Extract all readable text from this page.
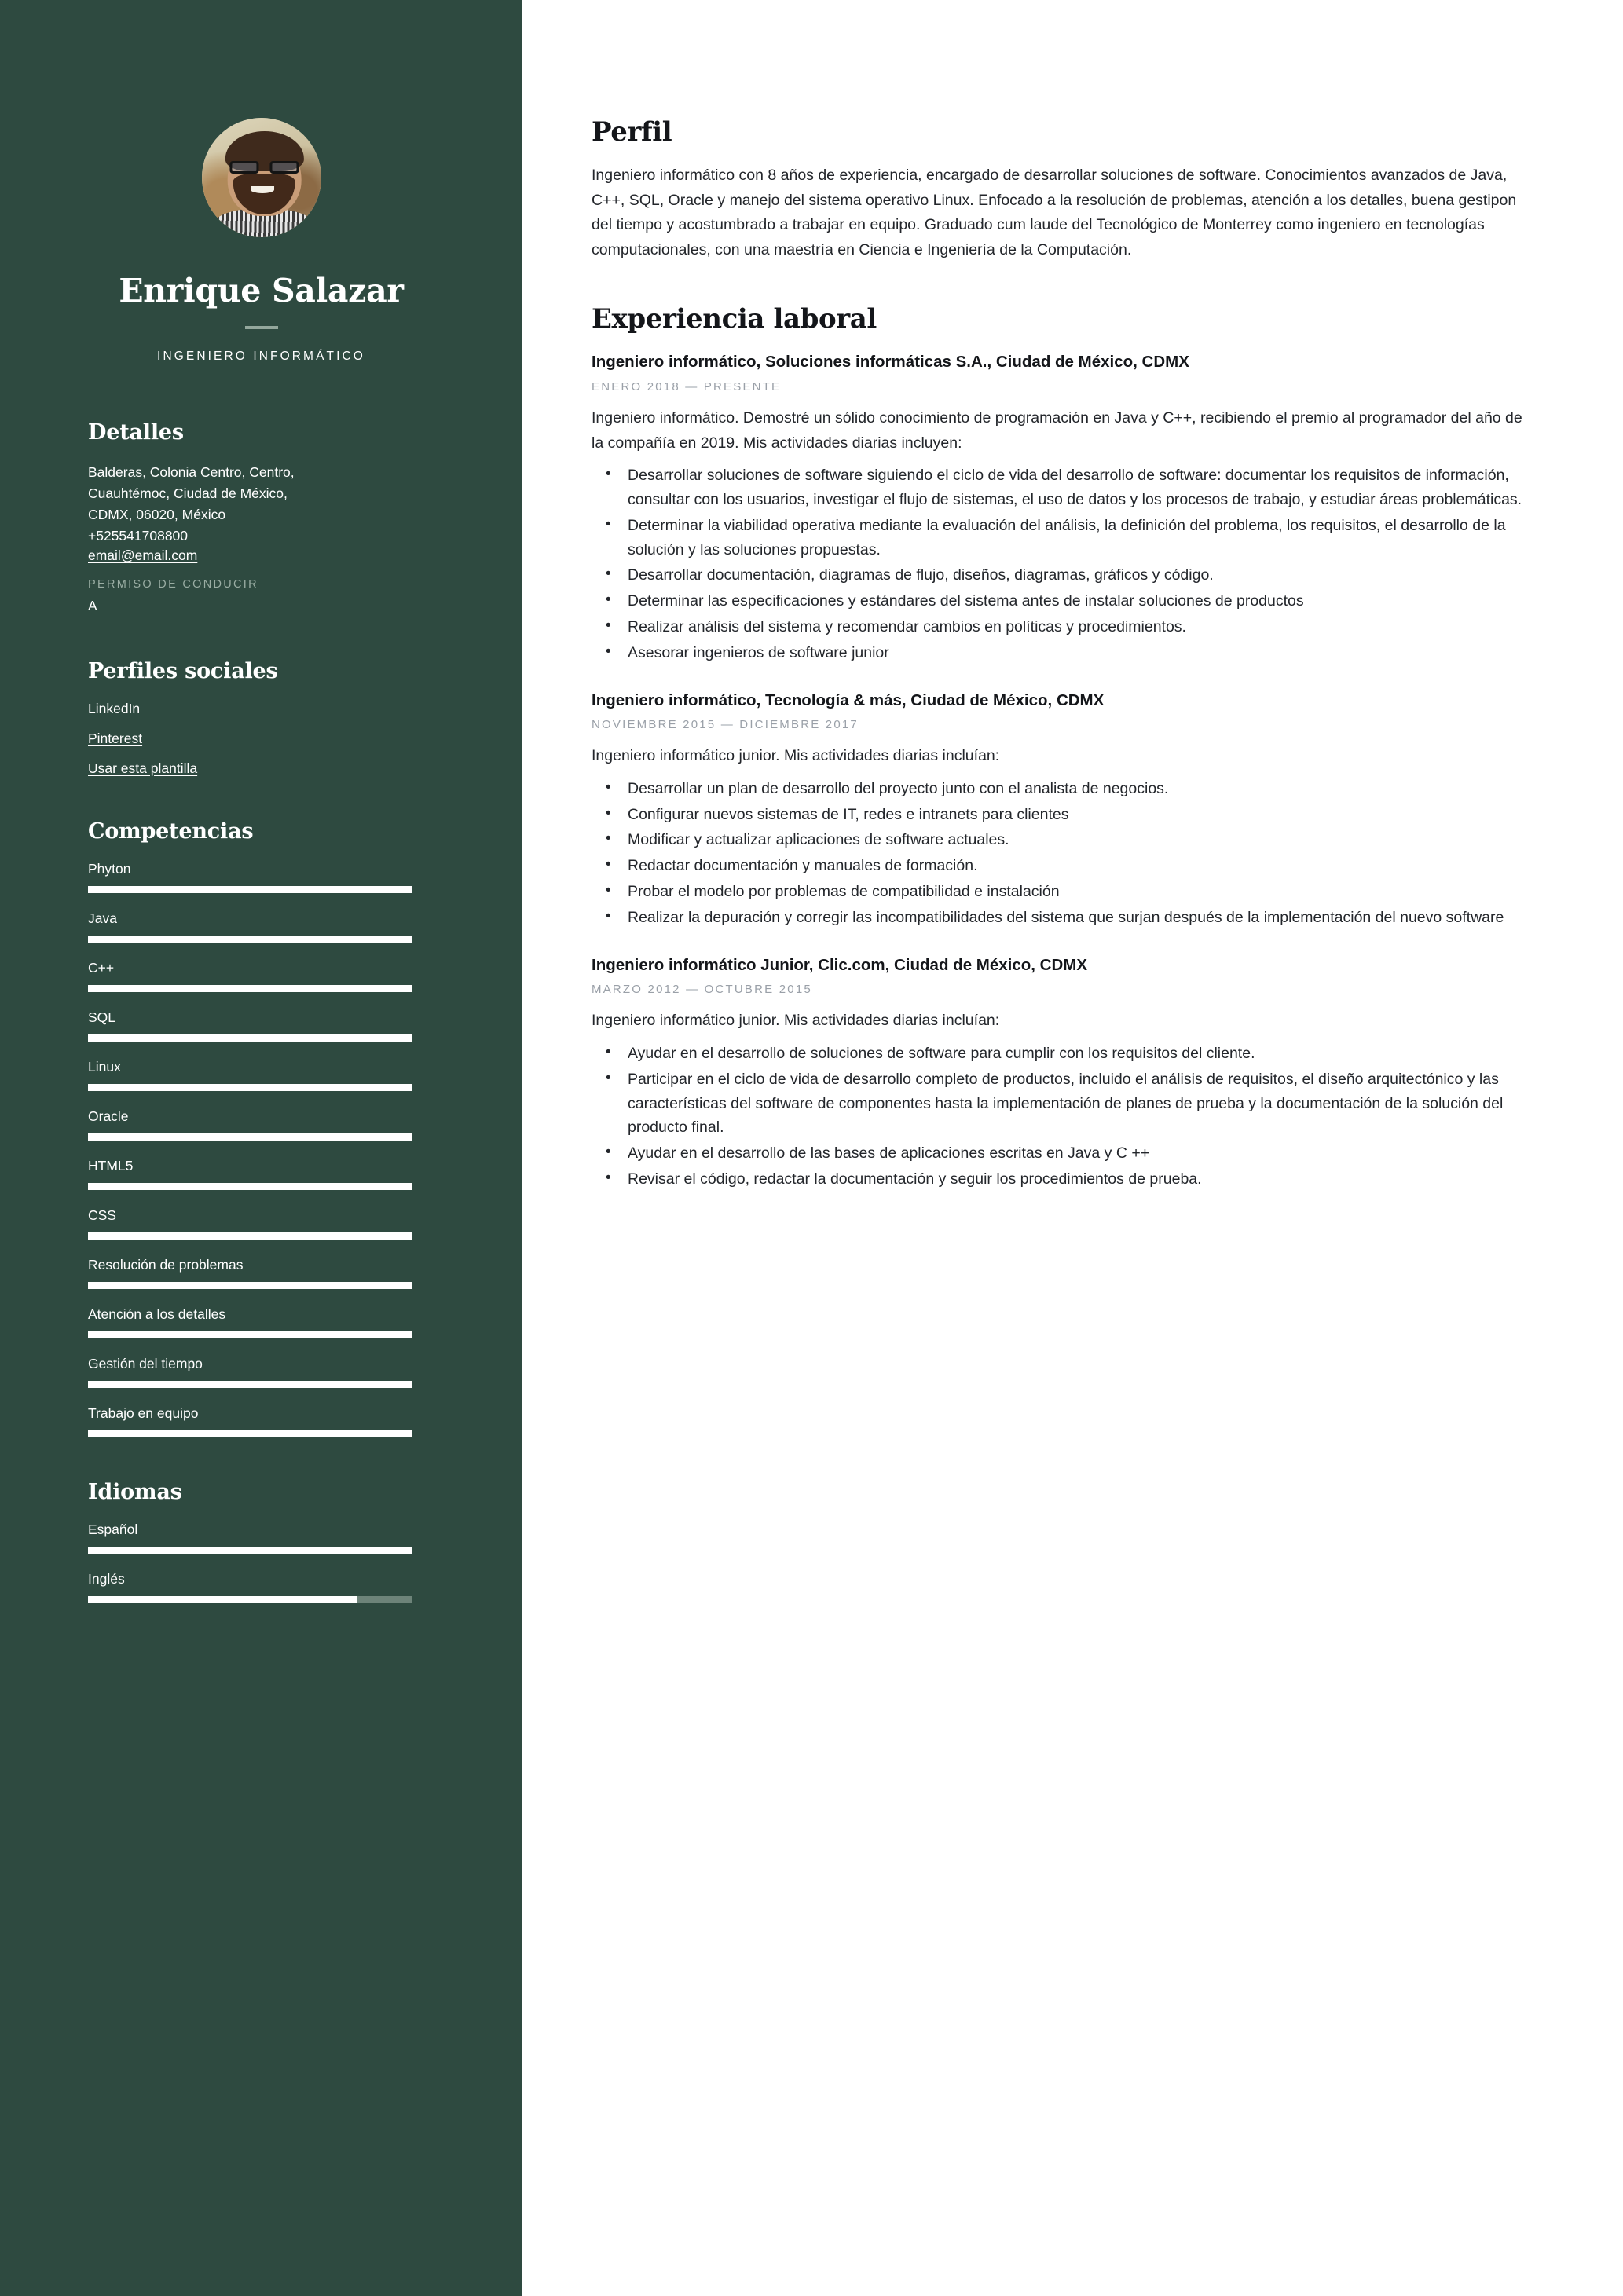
Enrique Salazar
INGENIERO INFORMÁTICO
Detalles
Balderas, Colonia Centro, Centro,
Cuauhtémoc, Ciudad de México,
CDMX, 06020, México
+525541708800
email@email.com
PERMISO DE CONDUCIR
A
Perfiles sociales
LinkedIn
Pinterest
Usar esta plantilla
Competencias
Phyton
Java
C++
SQL
Linux
Oracle
HTML5
CSS
Resolución de problemas
Atención a los detalles
Gestión del tiempo
Trabajo en equipo
Idiomas
Español
Inglés
Perfil

Ingeniero informático con 8 años de experiencia, encargado de desarrollar soluciones de software. Conocimientos avanzados de Java, C++, SQL, Oracle y manejo del sistema operativo Linux. Enfocado a la resolución de problemas, atención a los detalles, buena gestipon del tiempo y acostumbrado a trabajar en equipo. Graduado cum laude del Tecnológico de Monterrey como ingeniero en tecnologías computacionales, con una maestría en Ciencia e Ingeniería de la Computación.

Experiencia laboral
Ingeniero informático, Soluciones informáticas S.A., Ciudad de México, CDMX
ENERO 2018 — PRESENTE
Ingeniero informático. Demostré un sólido conocimiento de programación en Java y C++, recibiendo el premio al programador del año de la compañía en 2019. Mis actividades diarias incluyen:
• Desarrollar soluciones de software siguiendo el ciclo de vida del desarrollo de software: documentar los requisitos de información, consultar con los usuarios, investigar el flujo de sistemas, el uso de datos y los procesos de trabajo, y estudiar áreas problemáticas.
• Determinar la viabilidad operativa mediante la evaluación del análisis, la definición del problema, los requisitos, el desarrollo de la solución y las soluciones propuestas.
• Desarrollar documentación, diagramas de flujo, diseños, diagramas, gráficos y código.
• Determinar las especificaciones y estándares del sistema antes de instalar soluciones de productos
• Realizar análisis del sistema y recomendar cambios en políticas y procedimientos.
• Asesorar ingenieros de software junior
Ingeniero informático, Tecnología & más, Ciudad de México, CDMX
NOVIEMBRE 2015 — DICIEMBRE 2017
Ingeniero informático junior. Mis actividades diarias incluían:
• Desarrollar un plan de desarrollo del proyecto junto con el analista de negocios.
• Configurar nuevos sistemas de IT, redes e intranets para clientes
• Modificar y actualizar aplicaciones de software actuales.
• Redactar documentación y manuales de formación.
• Probar el modelo por problemas de compatibilidad e instalación
• Realizar la depuración y corregir las incompatibilidades del sistema que surjan después de la implementación del nuevo software
Ingeniero informático Junior, Clic.com, Ciudad de México, CDMX
MARZO 2012 — OCTUBRE 2015
Ingeniero informático junior. Mis actividades diarias incluían:
• Ayudar en el desarrollo de soluciones de software para cumplir con los requisitos del cliente.
• Participar en el ciclo de vida de desarrollo completo de productos, incluido el análisis de requisitos, el diseño arquitectónico y las características del software de componentes hasta la implementación de planes de prueba y la documentación de la solución del producto final.
• Ayudar en el desarrollo de las bases de aplicaciones escritas en Java y C ++
• Revisar el código, redactar la documentación y seguir los procedimientos de prueba.
